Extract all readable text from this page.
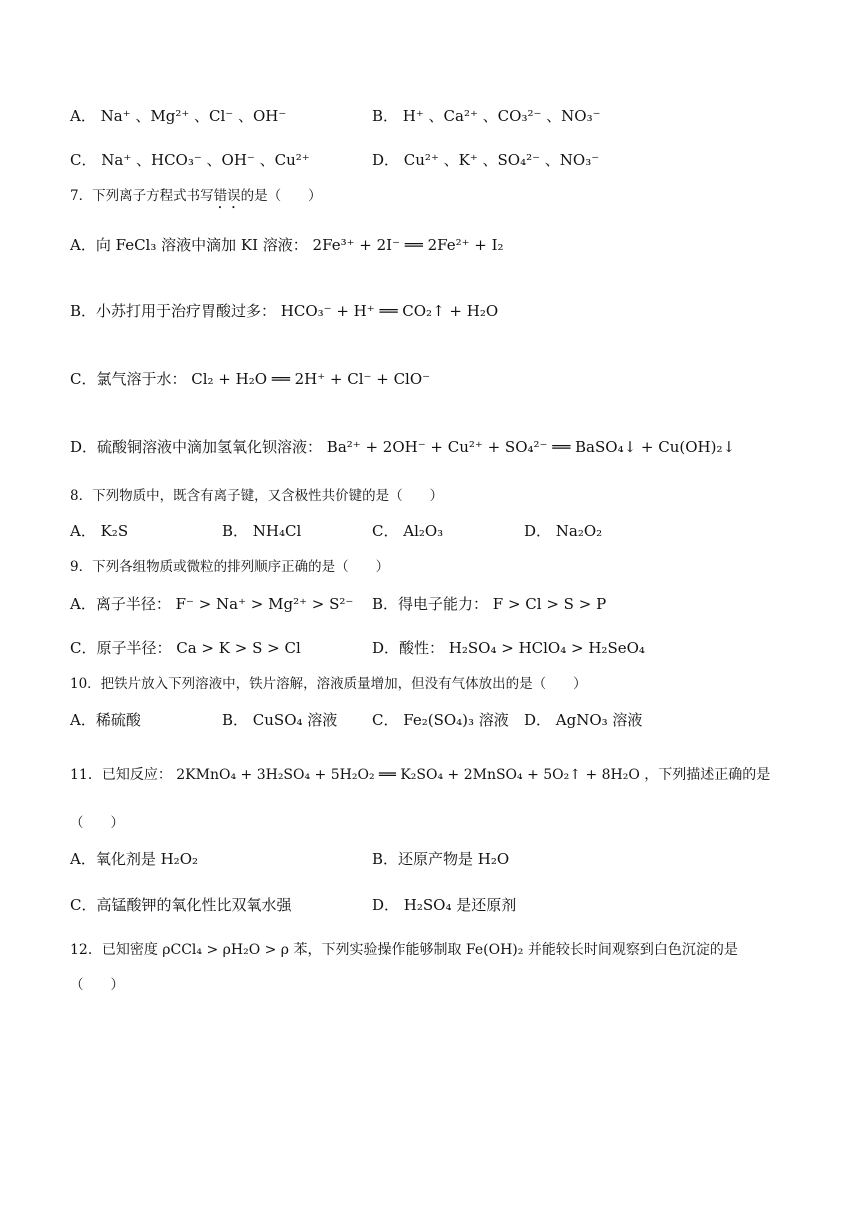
A． Na⁺ 、Mg²⁺ 、Cl⁻ 、OH⁻	B． H⁺ 、Ca²⁺ 、CO₃²⁻ 、NO₃⁻
C． Na⁺ 、HCO₃⁻ 、OH⁻ 、Cu²⁺	D． Cu²⁺ 、K⁺ 、SO₄²⁻ 、NO₃⁻
7．下列离子方程式书写错误的是（　　）
A．向 FeCl₃ 溶液中滴加 KI 溶液： 2Fe³⁺ + 2I⁻ ══ 2Fe²⁺ + I₂
B．小苏打用于治疗胃酸过多： HCO₃⁻ + H⁺ ══ CO₂↑ + H₂O
C．氯气溶于水： Cl₂ + H₂O ══ 2H⁺ + Cl⁻ + ClO⁻
D．硫酸铜溶液中滴加氢氧化钡溶液： Ba²⁺ + 2OH⁻ + Cu²⁺ + SO₄²⁻ ══ BaSO₄↓ + Cu(OH)₂↓
8．下列物质中，既含有离子键，又含极性共价键的是（　　）
A． K₂S	B． NH₄Cl	C． Al₂O₃	D． Na₂O₂
9．下列各组物质或微粒的排列顺序正确的是（　　）
A．离子半径： F⁻ > Na⁺ > Mg²⁺ > S²⁻ B．得电子能力： F > Cl > S > P
C．原子半径： Ca > K > S > Cl	D．酸性： H₂SO₄ > HClO₄ > H₂SeO₄
10．把铁片放入下列溶液中，铁片溶解，溶液质量增加，但没有气体放出的是（　　）
A．稀硫酸	B． CuSO₄ 溶液 C． Fe₂(SO₄)₃ 溶液 D． AgNO₃ 溶液
11．已知反应： 2KMnO₄ + 3H₂SO₄ + 5H₂O₂ ══ K₂SO₄ + 2MnSO₄ + 5O₂↑ + 8H₂O ，下列描述正确的是
（　　）
A．氧化剂是 H₂O₂	B．还原产物是 H₂O
C．高锰酸钾的氧化性比双氧水强	D． H₂SO₄ 是还原剂
12．已知密度 ρCCl₄ > ρH₂O > ρ 苯，下列实验操作能够制取 Fe(OH)₂ 并能较长时间观察到白色沉淀的是
（　　）
